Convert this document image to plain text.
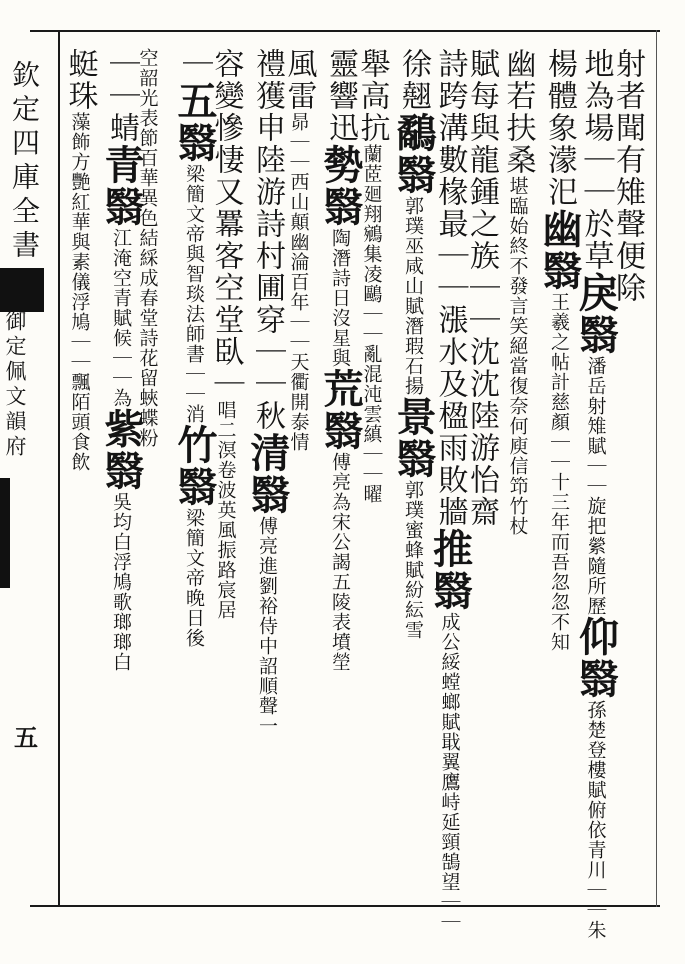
欽定四庫全書
御定佩文韻府
五
射者聞有雉聲便除
地為場｜｜於草戾翳潘岳射雉賦｜｜旋把縈隨所歷仰翳孫楚登樓賦俯依青川｜｜朱
楊體象濛汜幽翳王羲之帖計慈顏｜｜十三年而吾忽忽不知
幽若扶桑堪臨始終不發言笑絕當復奈何庾信笻竹杖
賦每與龍鍾之族｜｜沈沈陸游怡齋
詩跨溝數椽最｜｜漲水及楹雨敗牆推翳成公綏螳螂賦戢翼鷹峙延頸鵠望｜｜
徐翹鷸翳郭璞巫咸山賦潛瑕石揚景翳郭璞蜜蜂賦紛紜雪
舉高抗蘭茝廻翔鵷集凌鷗｜｜亂混沌雲縝｜｜曜
靈響迅勢翳陶潛詩日沒星與荒翳傅亮為宋公謁五陵表墳塋
風雷昴｜｜西山顛幽淪百年｜｜天衢開泰情
禮獲申陸游詩村圃穿｜｜秋清翳傅亮進劉裕侍中詔順聲一
容變慘悽又羃客空堂臥｜唱二溟卷波英風振路宸居
｜五翳梁簡文帝與智琰法師書｜｜消竹翳梁簡文帝晚日後
空韶光表節百華異色結綵成春堂詩花留蛺蝶粉
｜｜蜻青翳江淹空青賦候｜｜為紫翳吳均白浮鳩歌瑯瑯白
蜓珠藻飾方艷紅華與素儀浮鳩｜｜飄陌頭食飲
